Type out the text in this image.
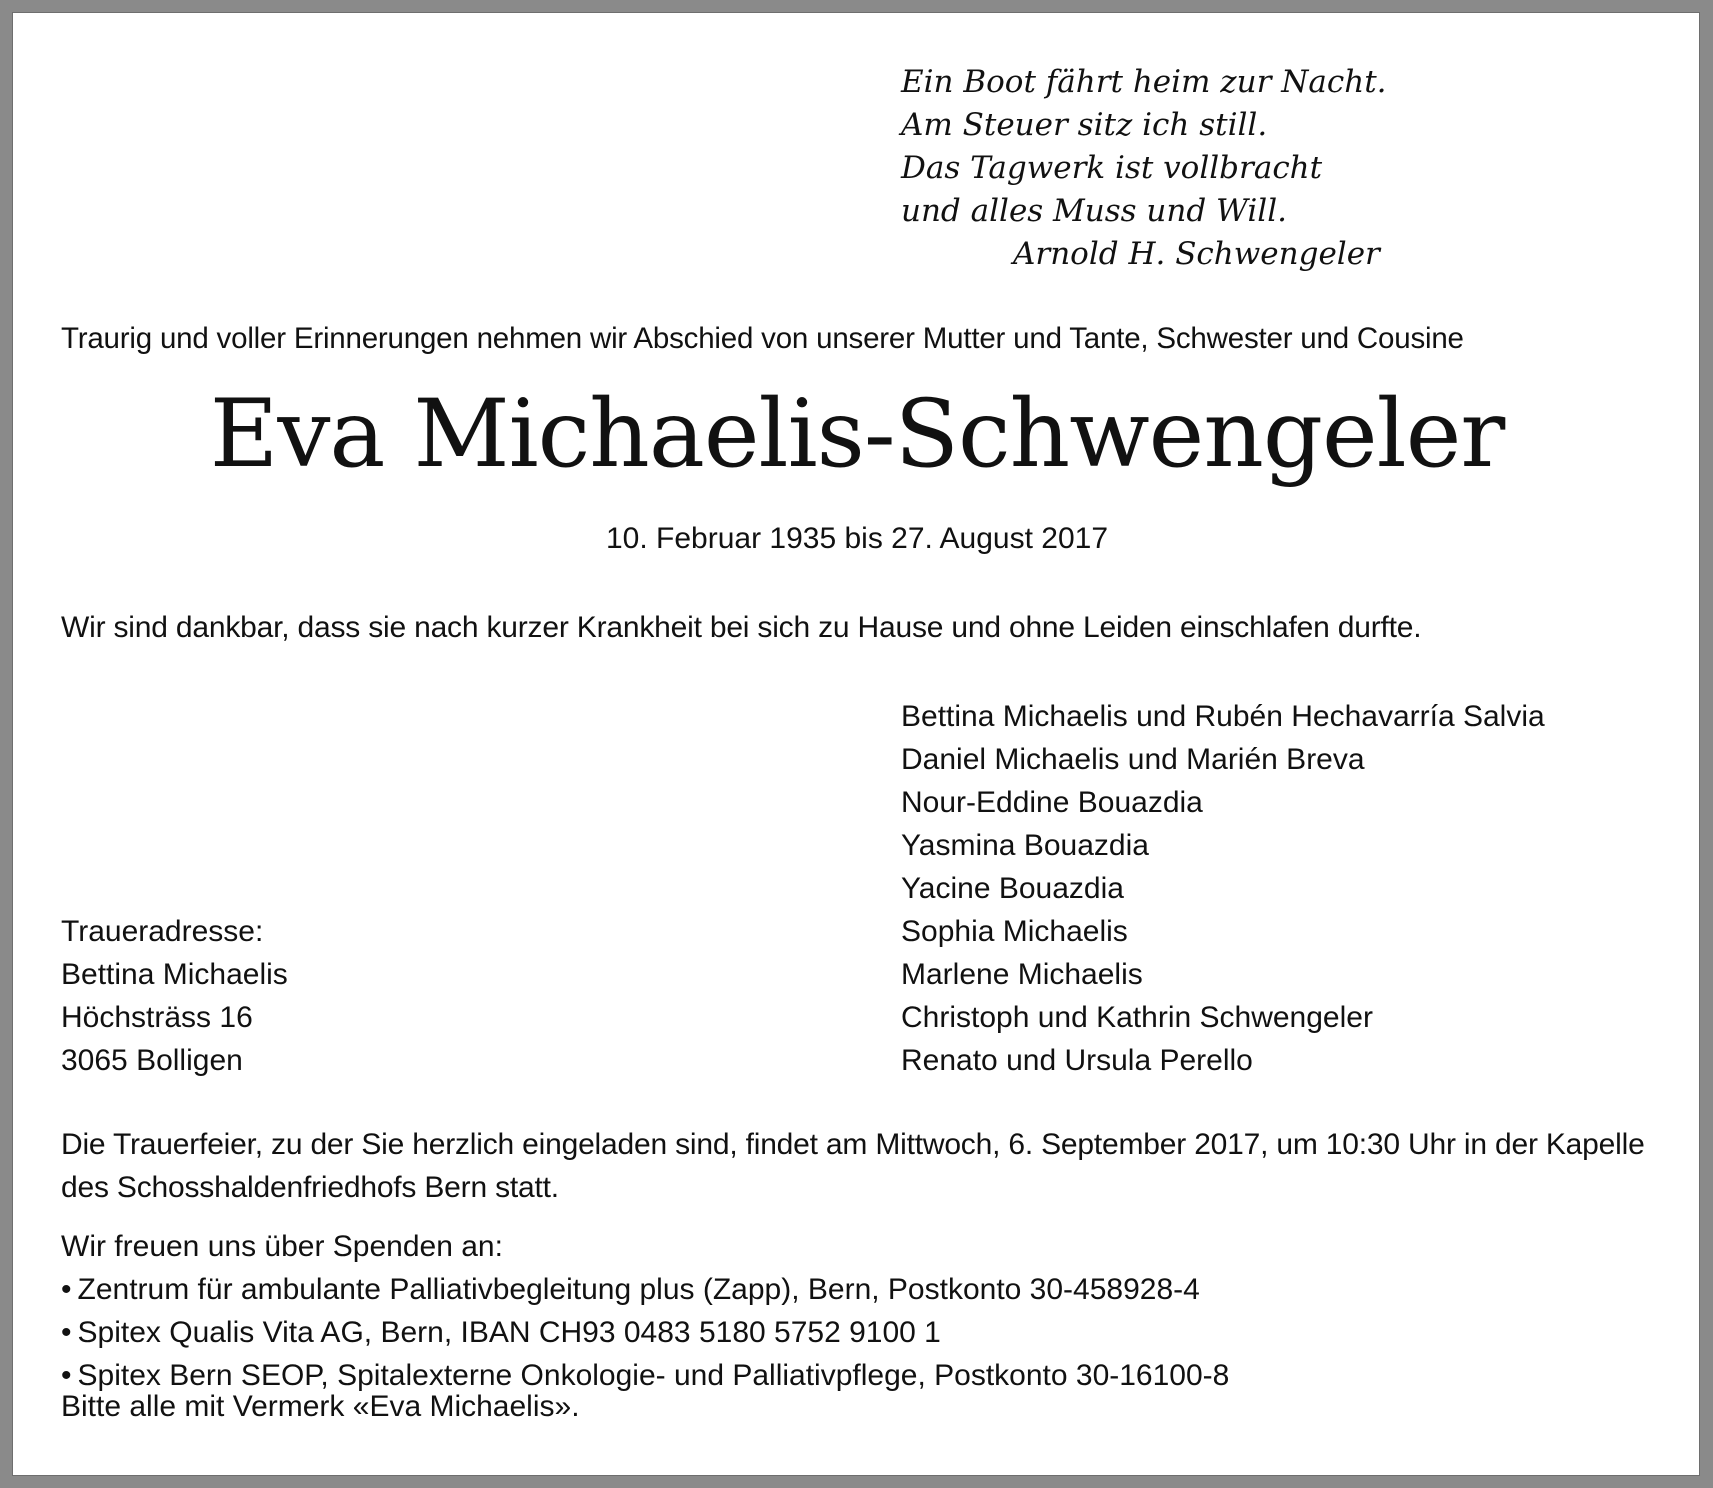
Ein Boot fährt heim zur Nacht.
Am Steuer sitz ich still.
Das Tagwerk ist vollbracht
und alles Muss und Will.
Arnold H. Schwengeler
Traurig und voller Erinnerungen nehmen wir Abschied von unserer Mutter und Tante, Schwester und Cousine
Eva Michaelis-Schwengeler
10. Februar 1935 bis 27. August 2017
Wir sind dankbar, dass sie nach kurzer Krankheit bei sich zu Hause und ohne Leiden einschlafen durfte.
Bettina Michaelis und Rubén Hechavarría Salvia
Daniel Michaelis und Marién Breva
Nour-Eddine Bouazdia
Yasmina Bouazdia
Yacine Bouazdia
Sophia Michaelis
Marlene Michaelis
Christoph und Kathrin Schwengeler
Renato und Ursula Perello
Traueradresse:
Bettina Michaelis
Höchsträss 16
3065 Bolligen
Die Trauerfeier, zu der Sie herzlich eingeladen sind, findet am Mittwoch, 6. September 2017, um 10:30 Uhr in der Kapelle des Schosshaldenfriedhofs Bern statt.
Wir freuen uns über Spenden an:
• Zentrum für ambulante Palliativbegleitung plus (Zapp), Bern, Postkonto 30-458928-4
• Spitex Qualis Vita AG, Bern, IBAN CH93 0483 5180 5752 9100 1
• Spitex Bern SEOP, Spitalexterne Onkologie- und Palliativpflege, Postkonto 30-16100-8
Bitte alle mit Vermerk «Eva Michaelis».
